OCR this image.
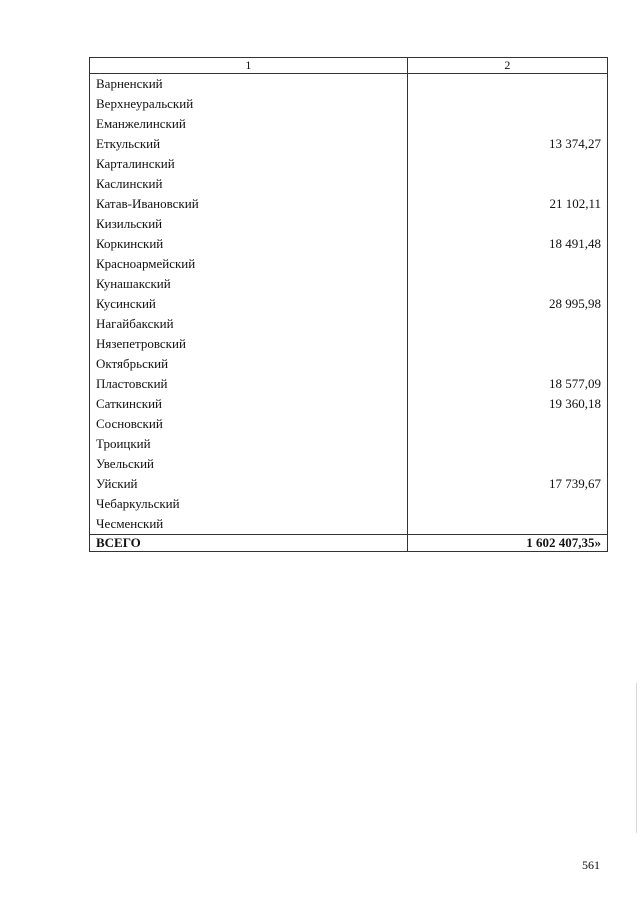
1	2
Варненский	
Верхнеуральский	
Еманжелинский	
Еткульский	13 374,27
Карталинский	
Каслинский	
Катав-Ивановский	21 102,11
Кизильский	
Коркинский	18 491,48
Красноармейский	
Кунашакский	
Кусинский	28 995,98
Нагайбакский	
Нязепетровский	
Октябрьский	
Пластовский	18 577,09
Саткинский	19 360,18
Сосновский	
Троицкий	
Увельский	
Уйский	17 739,67
Чебаркульский	
Чесменский	
ВСЕГО	1 602 407,35»
561
